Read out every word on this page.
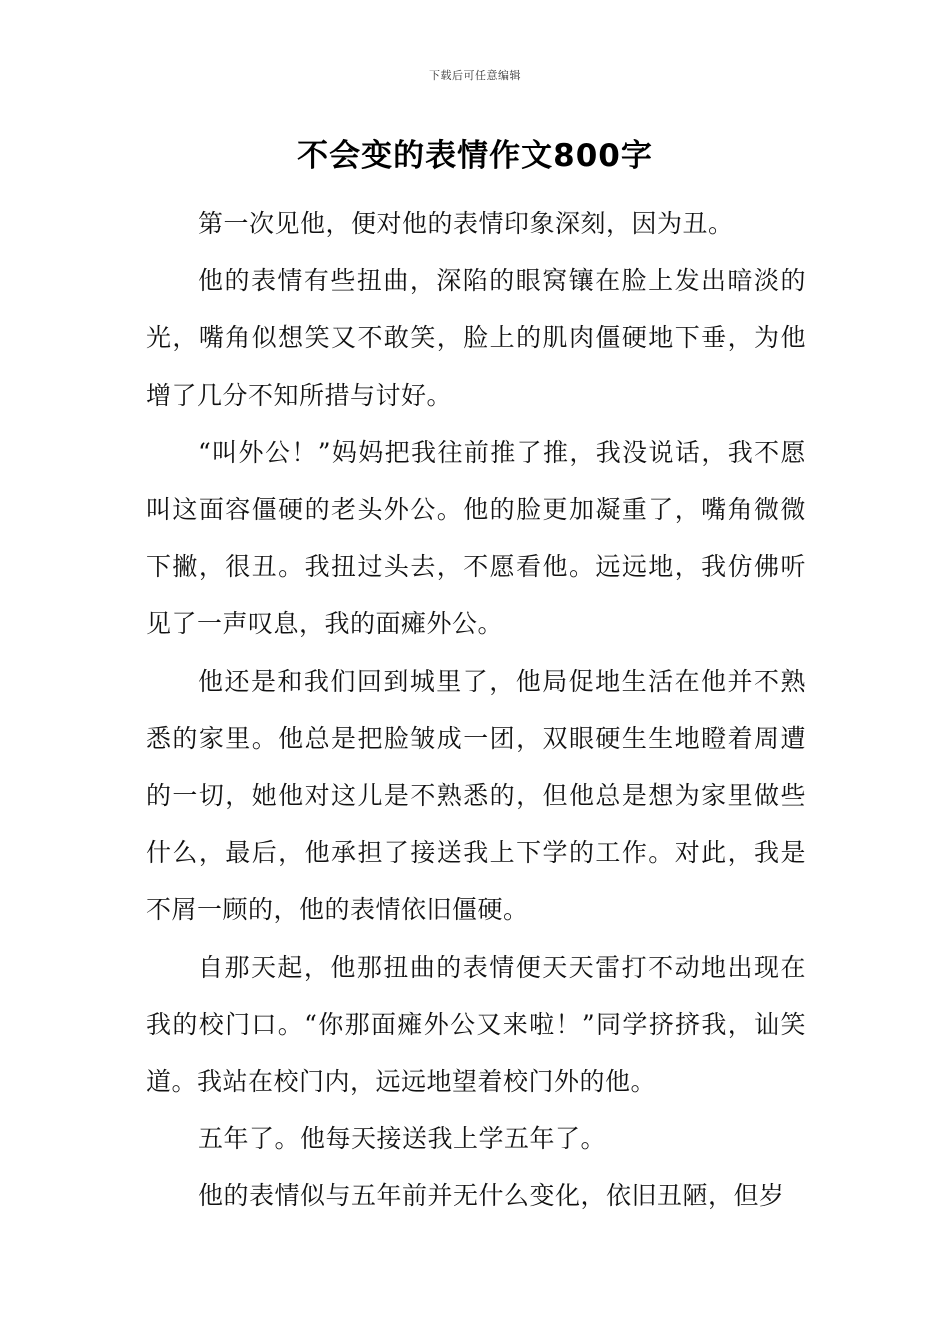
下载后可任意编辑
不会变的表情作文800字

第一次见他，便对他的表情印象深刻，因为丑。

他的表情有些扭曲，深陷的眼窝镶在脸上发出暗淡的光，嘴角似想笑又不敢笑，脸上的肌肉僵硬地下垂，为他增了几分不知所措与讨好。

“叫外公！”妈妈把我往前推了推，我没说话，我不愿叫这面容僵硬的老头外公。他的脸更加凝重了，嘴角微微下撇，很丑。我扭过头去，不愿看他。远远地，我仿佛听见了一声叹息，我的面瘫外公。

他还是和我们回到城里了，他局促地生活在他并不熟悉的家里。他总是把脸皱成一团，双眼硬生生地瞪着周遭的一切，她他对这儿是不熟悉的，但他总是想为家里做些什么，最后，他承担了接送我上下学的工作。对此，我是不屑一顾的，他的表情依旧僵硬。

自那天起，他那扭曲的表情便天天雷打不动地出现在我的校门口。“你那面瘫外公又来啦！”同学挤挤我，讪笑道。我站在校门内，远远地望着校门外的他。

五年了。他每天接送我上学五年了。

他的表情似与五年前并无什么变化，依旧丑陋，但岁
